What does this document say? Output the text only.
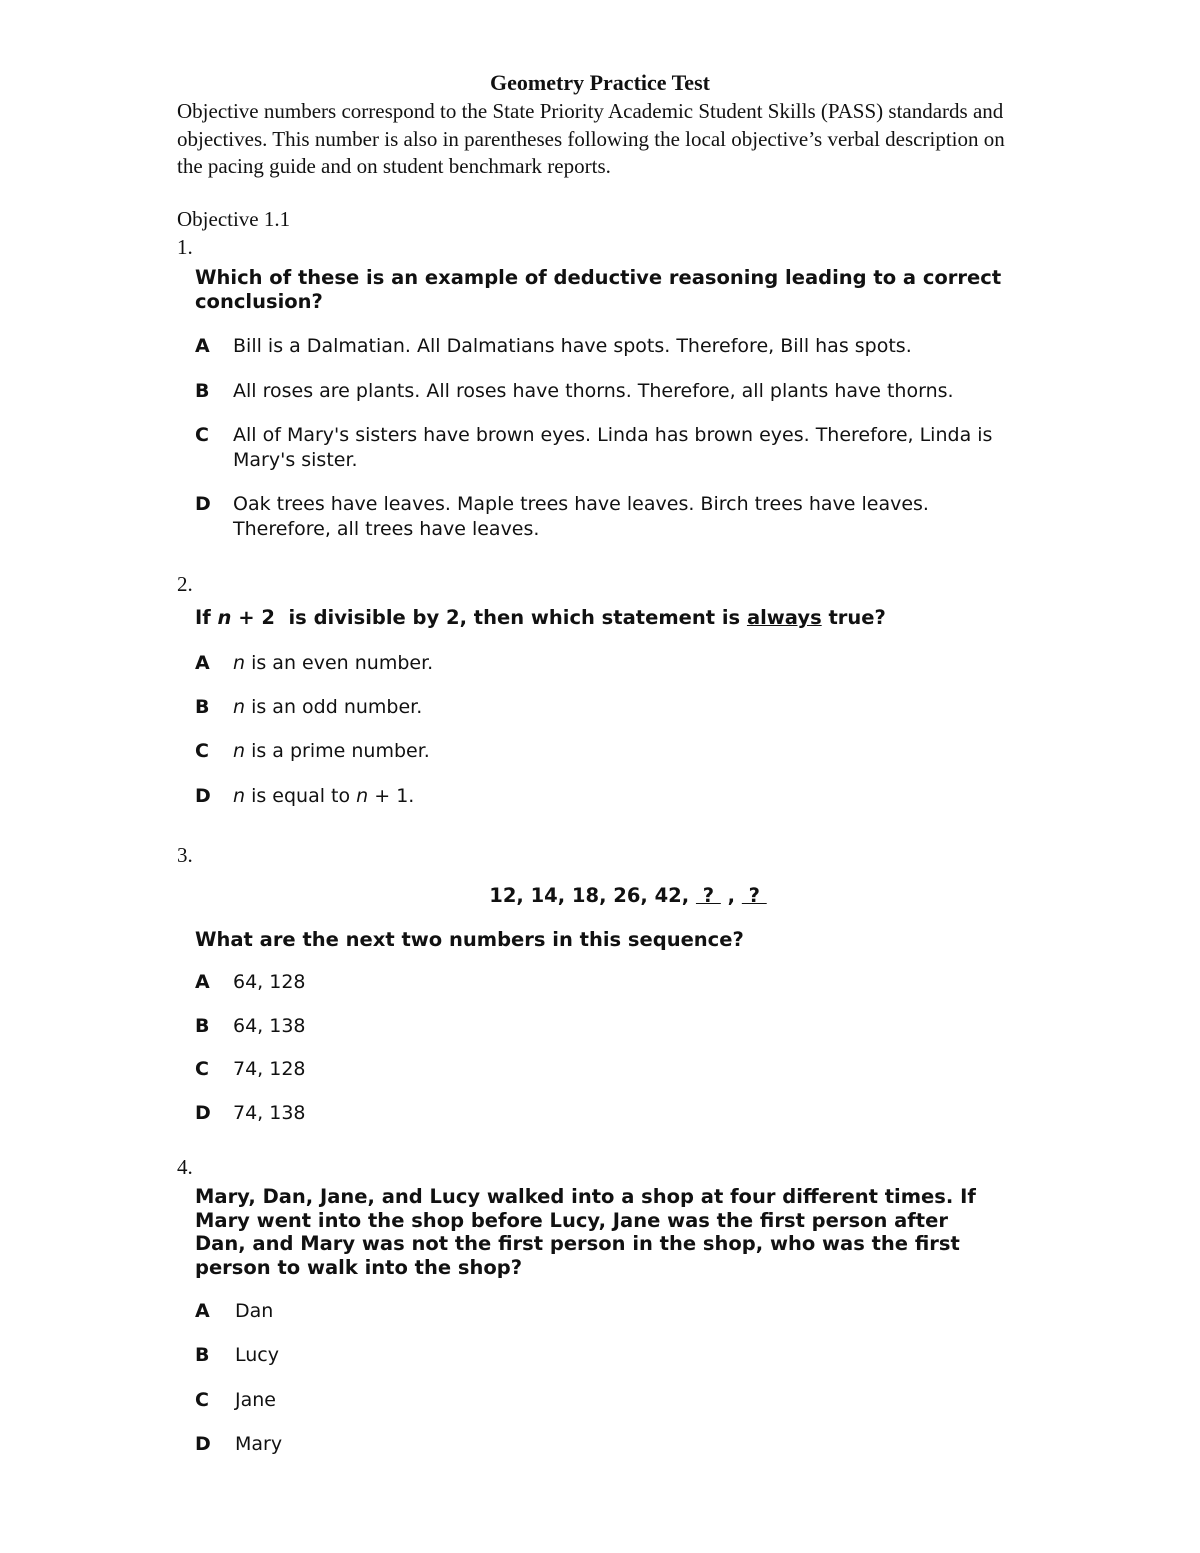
Geometry Practice Test
Objective numbers correspond to the State Priority Academic Student Skills (PASS) standards and objectives. This number is also in parentheses following the local objective’s verbal description on the pacing guide and on student benchmark reports.
Objective 1.1
1.
Which of these is an example of deductive reasoning leading to a correct conclusion?
A Bill is a Dalmatian. All Dalmatians have spots. Therefore, Bill has spots.
B All roses are plants. All roses have thorns. Therefore, all plants have thorns.
C All of Mary's sisters have brown eyes. Linda has brown eyes. Therefore, Linda is Mary's sister.
D Oak trees have leaves. Maple trees have leaves. Birch trees have leaves. Therefore, all trees have leaves.
2.
If n + 2  is divisible by 2, then which statement is always true?
A n is an even number.
B n is an odd number.
C n is a prime number.
D n is equal to n + 1.
3.
12, 14, 18, 26, 42,  ?  ,  ?
What are the next two numbers in this sequence?
A 64, 128
B 64, 138
C 74, 128
D 74, 138
4.
Mary, Dan, Jane, and Lucy walked into a shop at four different times. If Mary went into the shop before Lucy, Jane was the first person after Dan, and Mary was not the first person in the shop, who was the first person to walk into the shop?
A Dan
B Lucy
C Jane
D Mary
